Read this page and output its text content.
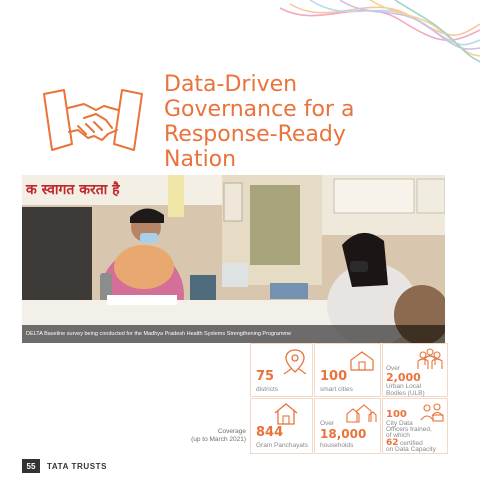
Data-Driven
Governance for a
Response-Ready
Nation
क स्वागत करता है
DELTA Baseline survey being conducted for the Madhya Pradesh Health Systems Strengthening Programme
75
districts
100
smart cities
Over
2,000
Urban Local
Bodies (ULB)
844
Gram Panchayats
Over
18,000
households
100
City Data
Officers trained,
of which
62 certified
on Data Capacity
Coverage
(up to March 2021)
55	TATA TRUSTS
